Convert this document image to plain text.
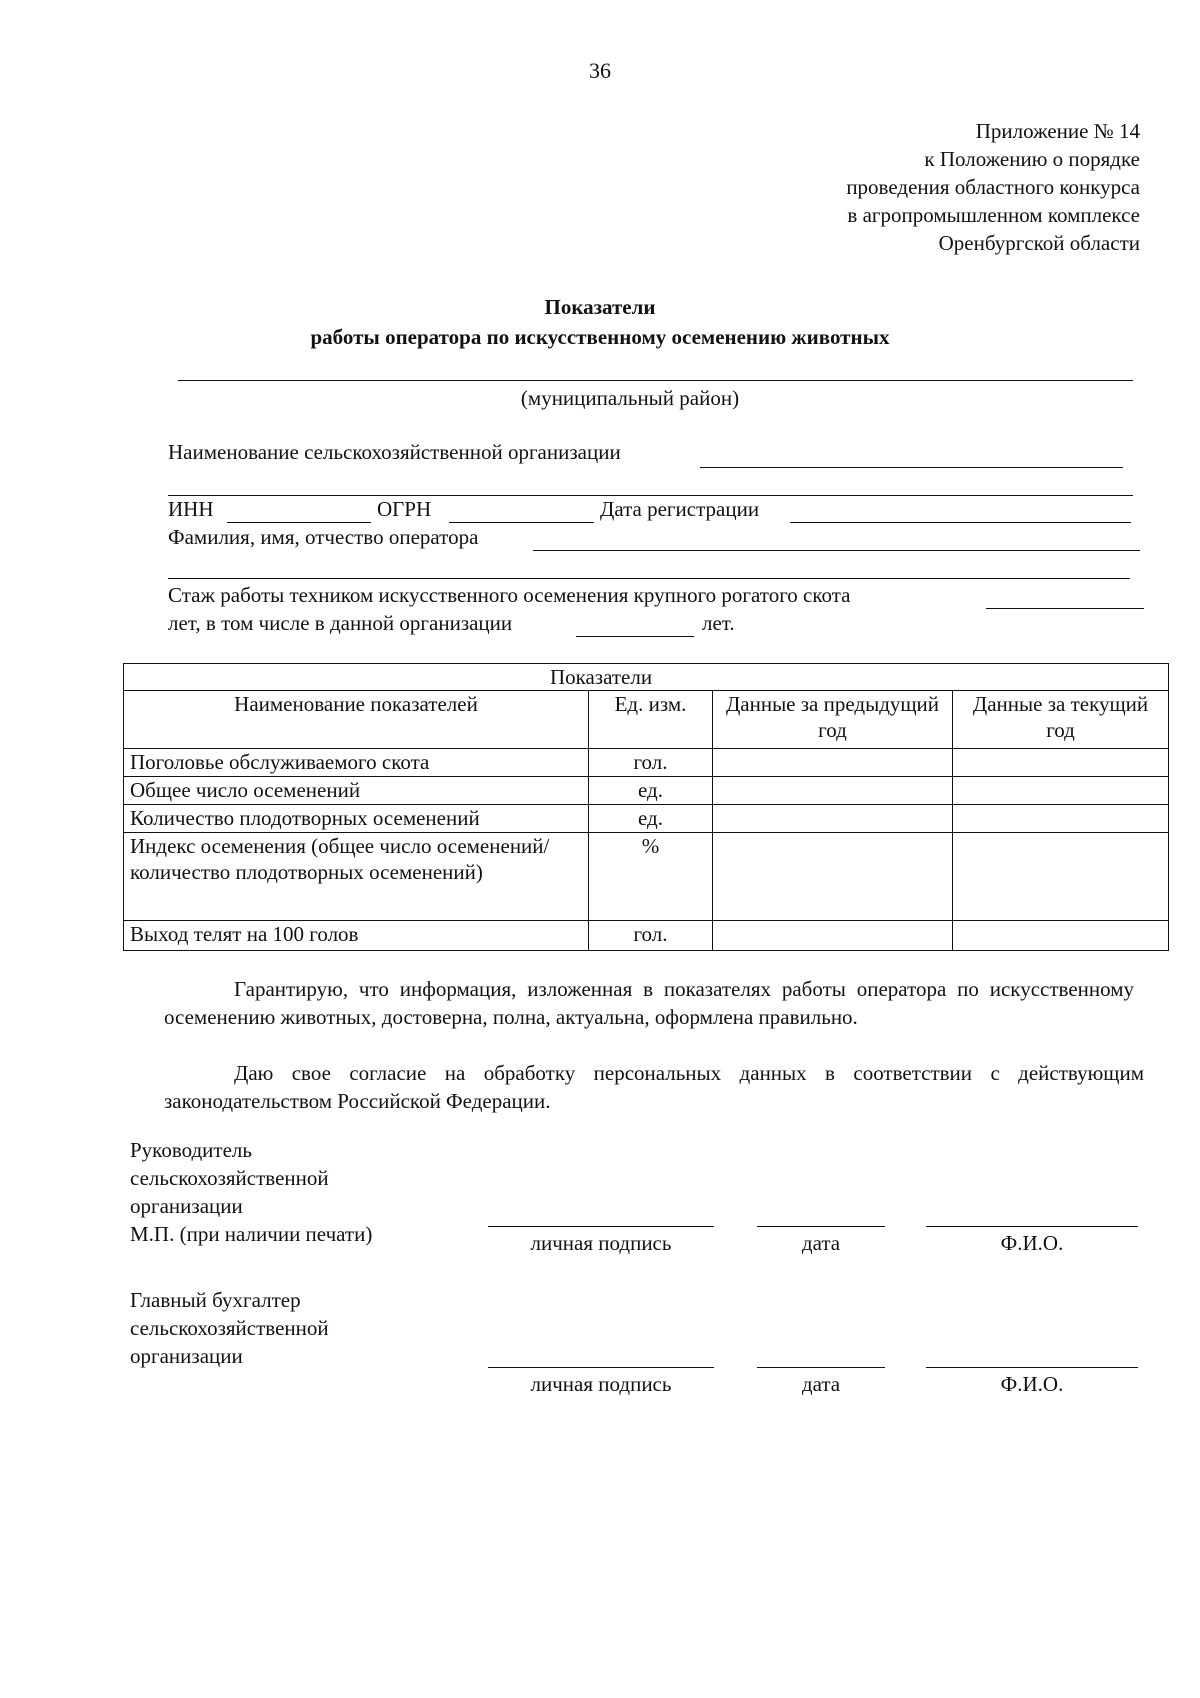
36
Приложение № 14
к Положению о порядке
проведения областного конкурса
в агропромышленном комплексе
Оренбургской области
Показатели
работы оператора по искусственному осеменению животных
(муниципальный район)
Наименование сельскохозяйственной организации
ИНН	ОГРН	Дата регистрации
Фамилия, имя, отчество оператора
Стаж работы техником искусственного осеменения крупного рогатого скота
лет, в том числе в данной организации	лет.
Показатели			
Наименование показателей	Ед. изм.	Данные за предыдущий год	Данные за текущий год
Поголовье обслуживаемого скота	гол.		
Общее число осеменений	ед.		
Количество плодотворных осеменений	ед.		
Индекс осеменения (общее число осеменений/количество плодотворных осеменений)	%		
Выход телят на 100 голов	гол.		
Гарантирую, что информация, изложенная в показателях работы оператора по искусственному осеменению животных, достоверна, полна, актуальна, оформлена правильно.
Даю свое согласие на обработку персональных данных в соответствии с действующим законодательством Российской Федерации.
Руководитель
сельскохозяйственной
организации
М.П. (при наличии печати)	личная подпись	дата	Ф.И.О.
Главный бухгалтер
сельскохозяйственной
организации
личная подпись	дата	Ф.И.О.
